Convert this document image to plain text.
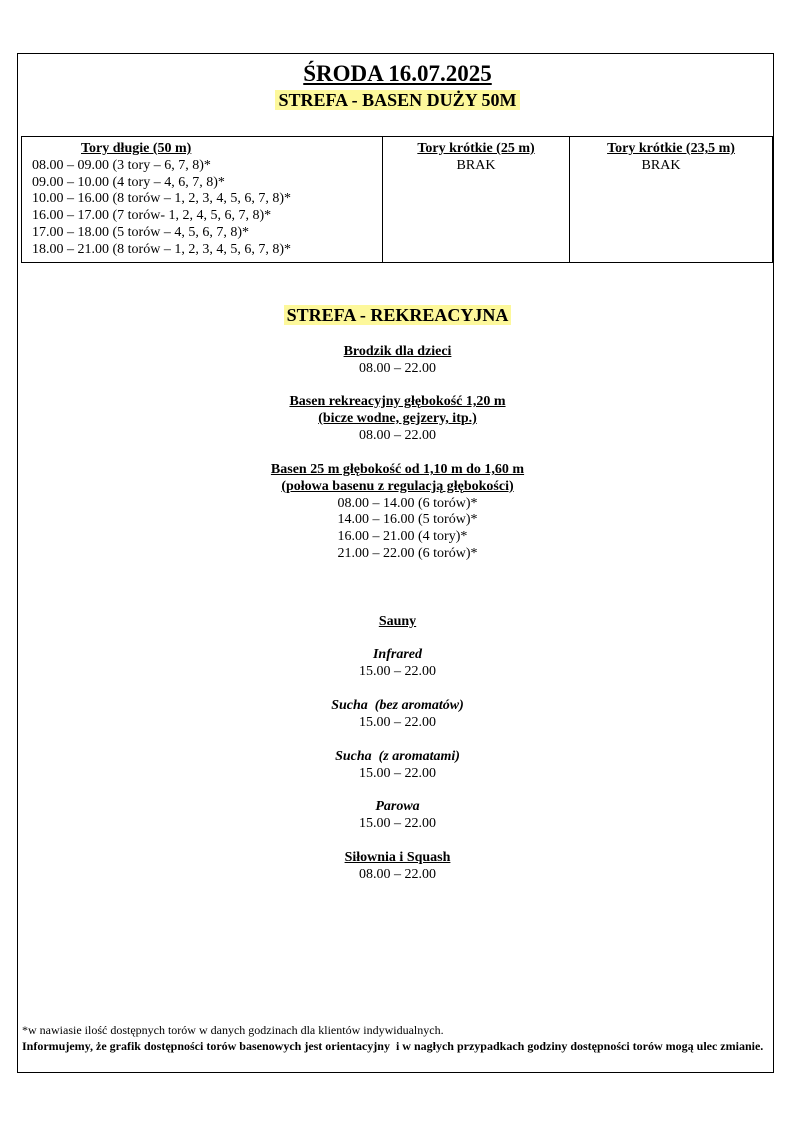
ŚRODA 16.07.2025
STREFA - BASEN DUŻY 50M
Tory długie (50 m)
08.00 – 09.00 (3 tory – 6, 7, 8)*
09.00 – 10.00 (4 tory – 4, 6, 7, 8)*
10.00 – 16.00 (8 torów – 1, 2, 3, 4, 5, 6, 7, 8)*
16.00 – 17.00 (7 torów- 1, 2, 4, 5, 6, 7, 8)*
17.00 – 18.00 (5 torów – 4, 5, 6, 7, 8)*
18.00 – 21.00 (8 torów – 1, 2, 3, 4, 5, 6, 7, 8)*

Tory krótkie (25 m)
BRAK

Tory krótkie (23,5 m)
BRAK
STREFA - REKREACYJNA
Brodzik dla dzieci
08.00 – 22.00
Basen rekreacyjny głębokość 1,20 m
(bicze wodne, gejzery, itp.)
08.00 – 22.00
Basen 25 m głębokość od 1,10 m do 1,60 m
(połowa basenu z regulacją głębokości)
08.00 – 14.00 (6 torów)*
14.00 – 16.00 (5 torów)*
16.00 – 21.00 (4 tory)*
21.00 – 22.00 (6 torów)*
Sauny
Infrared
15.00 – 22.00
Sucha  (bez aromatów)
15.00 – 22.00
Sucha  (z aromatami)
15.00 – 22.00
Parowa
15.00 – 22.00
Siłownia i Squash
08.00 – 22.00
*w nawiasie ilość dostępnych torów w danych godzinach dla klientów indywidualnych.
Informujemy, że grafik dostępności torów basenowych jest orientacyjny  i w nagłych przypadkach godziny dostępności torów mogą ulec zmianie.
